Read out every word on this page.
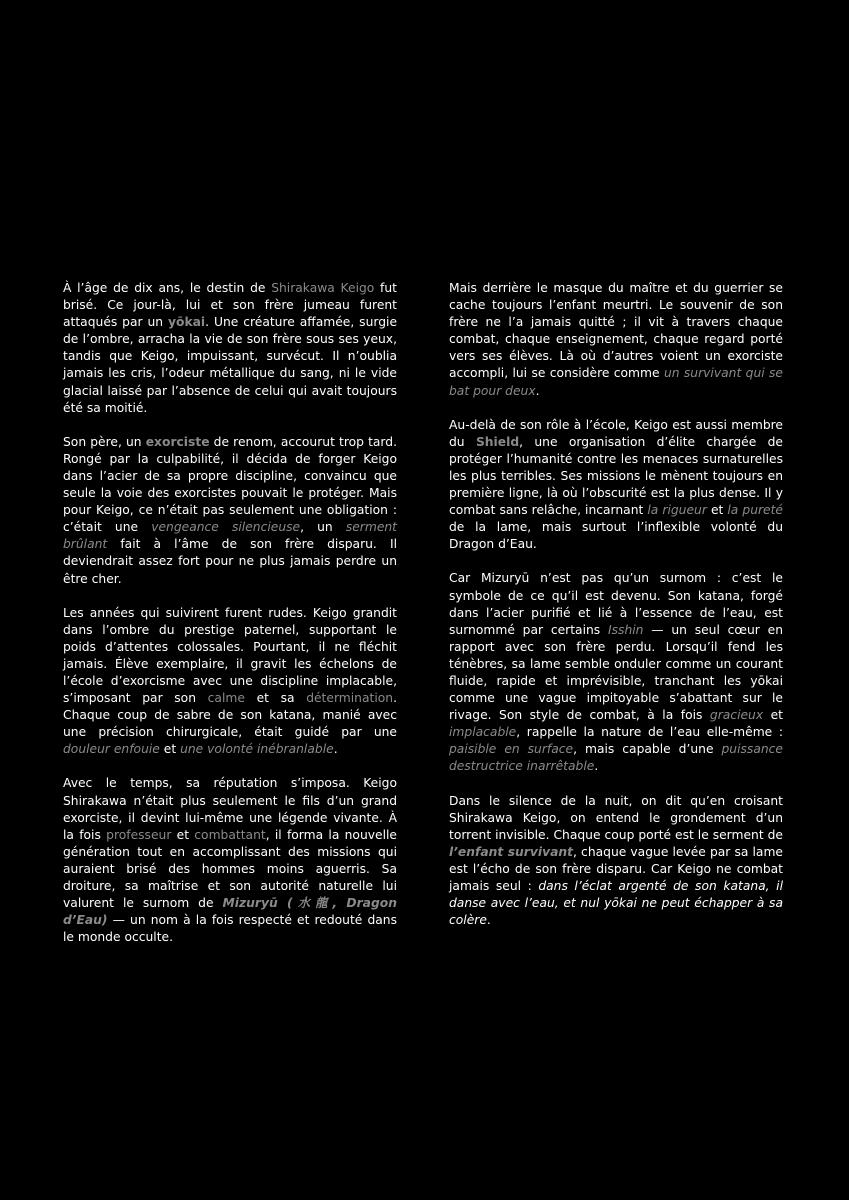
À l’âge de dix ans, le destin de Shirakawa Keigo fut brisé. Ce jour-là, lui et son frère jumeau furent attaqués par un yōkai. Une créature affamée, surgie de l’ombre, arracha la vie de son frère sous ses yeux, tandis que Keigo, impuissant, survécut. Il n’oublia jamais les cris, l’odeur métallique du sang, ni le vide glacial laissé par l’absence de celui qui avait toujours été sa moitié.

Son père, un exorciste de renom, accourut trop tard. Rongé par la culpabilité, il décida de forger Keigo dans l’acier de sa propre discipline, convaincu que seule la voie des exorcistes pouvait le protéger. Mais pour Keigo, ce n’était pas seulement une obligation : c’était une vengeance silencieuse, un serment brûlant fait à l’âme de son frère disparu. Il deviendrait assez fort pour ne plus jamais perdre un être cher.

Les années qui suivirent furent rudes. Keigo grandit dans l’ombre du prestige paternel, supportant le poids d’attentes colossales. Pourtant, il ne fléchit jamais. Élève exemplaire, il gravit les échelons de l’école d’exorcisme avec une discipline implacable, s’imposant par son calme et sa détermination. Chaque coup de sabre de son katana, manié avec une précision chirurgicale, était guidé par une douleur enfouie et une volonté inébranlable.

Avec le temps, sa réputation s’imposa. Keigo Shirakawa n’était plus seulement le fils d’un grand exorciste, il devint lui-même une légende vivante. À la fois professeur et combattant, il forma la nouvelle génération tout en accomplissant des missions qui auraient brisé des hommes moins aguerris. Sa droiture, sa maîtrise et son autorité naturelle lui valurent le surnom de Mizuryū (水龍, Dragon d’Eau) — un nom à la fois respecté et redouté dans le monde occulte.

Mais derrière le masque du maître et du guerrier se cache toujours l’enfant meurtri. Le souvenir de son frère ne l’a jamais quitté ; il vit à travers chaque combat, chaque enseignement, chaque regard porté vers ses élèves. Là où d’autres voient un exorciste accompli, lui se considère comme un survivant qui se bat pour deux.

Au-delà de son rôle à l’école, Keigo est aussi membre du Shield, une organisation d’élite chargée de protéger l’humanité contre les menaces surnaturelles les plus terribles. Ses missions le mènent toujours en première ligne, là où l’obscurité est la plus dense. Il y combat sans relâche, incarnant la rigueur et la pureté de la lame, mais surtout l’inflexible volonté du Dragon d’Eau.

Car Mizuryū n’est pas qu’un surnom : c’est le symbole de ce qu’il est devenu. Son katana, forgé dans l’acier purifié et lié à l’essence de l’eau, est surnommé par certains Isshin — un seul cœur en rapport avec son frère perdu. Lorsqu’il fend les ténèbres, sa lame semble onduler comme un courant fluide, rapide et imprévisible, tranchant les yōkai comme une vague impitoyable s’abattant sur le rivage. Son style de combat, à la fois gracieux et implacable, rappelle la nature de l’eau elle-même : paisible en surface, mais capable d’une puissance destructrice inarrêtable.

Dans le silence de la nuit, on dit qu’en croisant Shirakawa Keigo, on entend le grondement d’un torrent invisible. Chaque coup porté est le serment de l’enfant survivant, chaque vague levée par sa lame est l’écho de son frère disparu. Car Keigo ne combat jamais seul : dans l’éclat argenté de son katana, il danse avec l’eau, et nul yōkai ne peut échapper à sa colère.
